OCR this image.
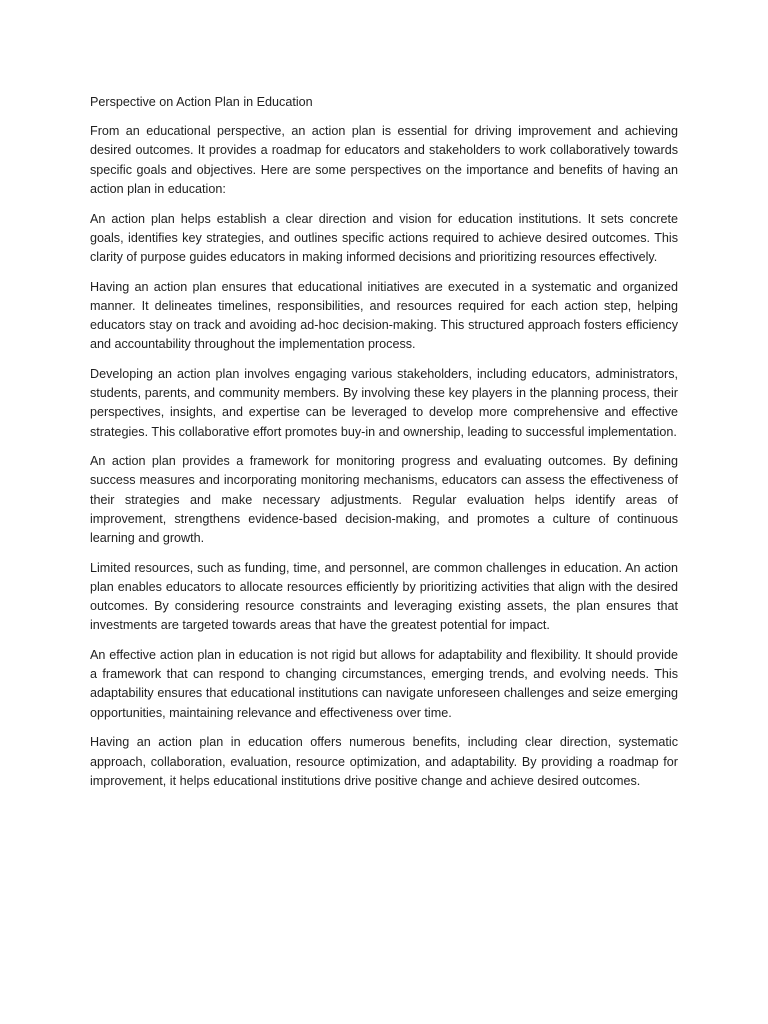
Perspective on Action Plan in Education

From an educational perspective, an action plan is essential for driving improvement and achieving desired outcomes. It provides a roadmap for educators and stakeholders to work collaboratively towards specific goals and objectives. Here are some perspectives on the importance and benefits of having an action plan in education:

An action plan helps establish a clear direction and vision for education institutions. It sets concrete goals, identifies key strategies, and outlines specific actions required to achieve desired outcomes. This clarity of purpose guides educators in making informed decisions and prioritizing resources effectively.

Having an action plan ensures that educational initiatives are executed in a systematic and organized manner. It delineates timelines, responsibilities, and resources required for each action step, helping educators stay on track and avoiding ad-hoc decision-making. This structured approach fosters efficiency and accountability throughout the implementation process.

Developing an action plan involves engaging various stakeholders, including educators, administrators, students, parents, and community members. By involving these key players in the planning process, their perspectives, insights, and expertise can be leveraged to develop more comprehensive and effective strategies. This collaborative effort promotes buy-in and ownership, leading to successful implementation.

An action plan provides a framework for monitoring progress and evaluating outcomes. By defining success measures and incorporating monitoring mechanisms, educators can assess the effectiveness of their strategies and make necessary adjustments. Regular evaluation helps identify areas of improvement, strengthens evidence-based decision-making, and promotes a culture of continuous learning and growth.

Limited resources, such as funding, time, and personnel, are common challenges in education. An action plan enables educators to allocate resources efficiently by prioritizing activities that align with the desired outcomes. By considering resource constraints and leveraging existing assets, the plan ensures that investments are targeted towards areas that have the greatest potential for impact.

An effective action plan in education is not rigid but allows for adaptability and flexibility. It should provide a framework that can respond to changing circumstances, emerging trends, and evolving needs. This adaptability ensures that educational institutions can navigate unforeseen challenges and seize emerging opportunities, maintaining relevance and effectiveness over time.

Having an action plan in education offers numerous benefits, including clear direction, systematic approach, collaboration, evaluation, resource optimization, and adaptability. By providing a roadmap for improvement, it helps educational institutions drive positive change and achieve desired outcomes.
